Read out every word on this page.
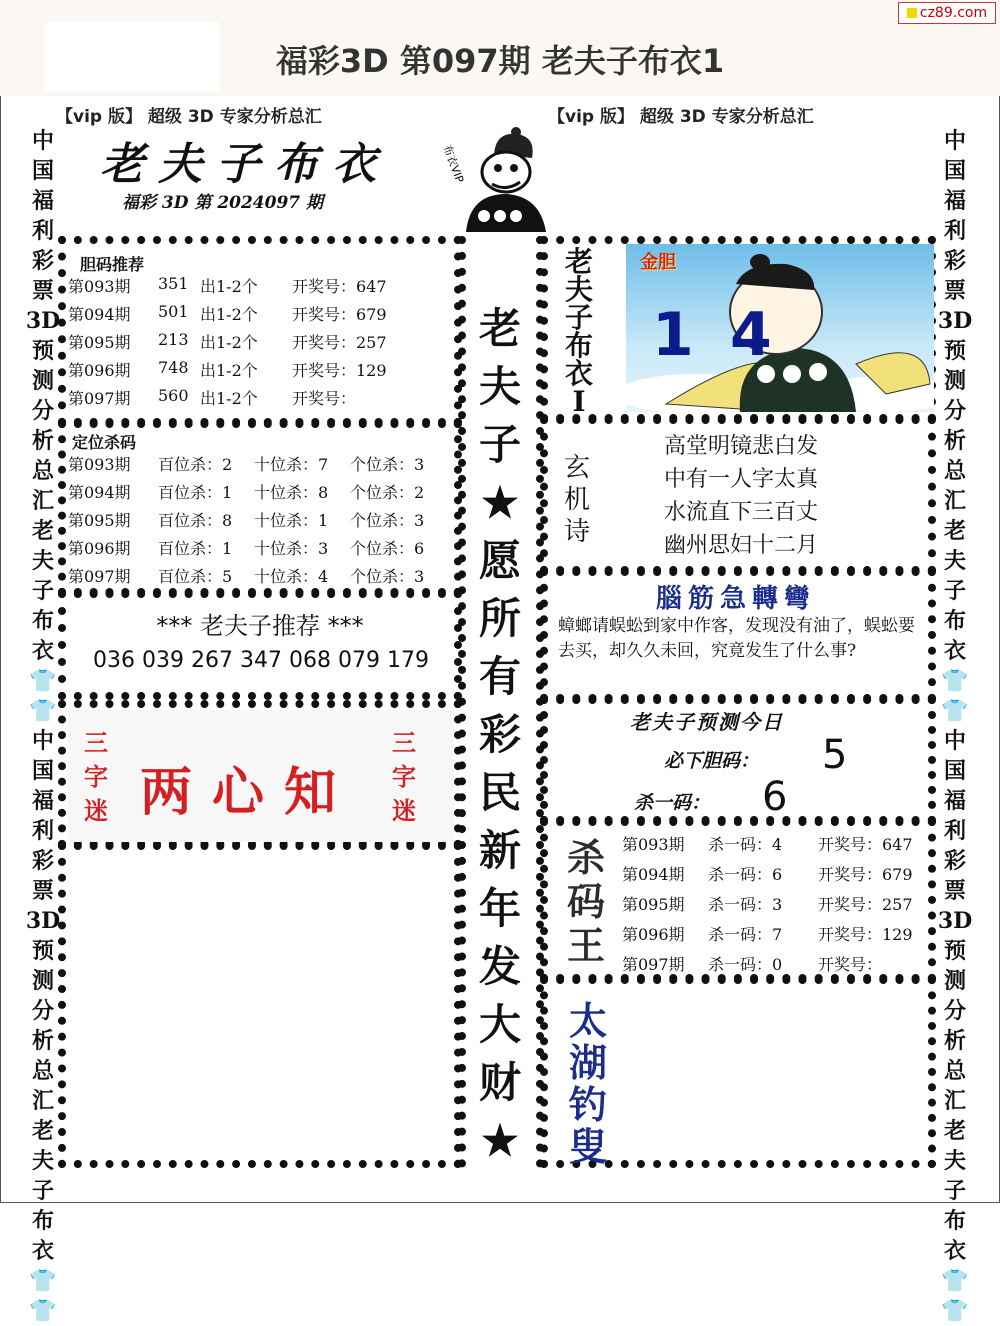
福彩3D 第097期 老夫子布衣1
cz89.com
【vip 版】 超级 3D 专家分析总汇	【vip 版】 超级 3D 专家分析总汇
中
国
福
利
彩
票
3D
预
测
分
析
总
汇
老
夫
子
布
衣
👕
👕
中
国
福
利
彩
票
3D
预
测
分
析
总
汇
老
夫
子
布
衣
👕
👕
中
国
福
利
彩
票
3D
预
测
分
析
总
汇
老
夫
子
布
衣
👕
👕
中
国
福
利
彩
票
3D
预
测
分
析
总
汇
老
夫
子
布
衣
👕
👕
老夫子布衣
福彩 3D 第 2024097 期
布衣VIP
胆码推荐
第093期 351 出1-2个 开奖号：647
第094期 501 出1-2个 开奖号：679
第095期 213 出1-2个 开奖号：257
第096期 748 出1-2个 开奖号：129
第097期 560 出1-2个 开奖号：
定位杀码
第093期 百位杀：2 十位杀：7 个位杀：3
第094期 百位杀：1 十位杀：8 个位杀：2
第095期 百位杀：8 十位杀：1 个位杀：3
第096期 百位杀：1 十位杀：3 个位杀：6
第097期 百位杀：5 十位杀：4 个位杀：3
*** 老夫子推荐 ***
036 039 267 347 068 079 179
三
字
迷
三
字
迷
两心知
老
夫
子
★
愿
所
有
彩
民
新
年
发
大
财
★
老
夫
子
布
衣
I
金胆
1 4
玄
机
诗
高堂明镜悲白发
中有一人字太真
水流直下三百丈
幽州思妇十二月
腦筋急轉彎
蟑螂请蜈蚣到家中作客，发现没有油了，蜈蚣要去买，却久久未回，究竟发生了什么事?
老夫子预测今日
必下胆码： 5
杀一码： 6
杀
码
王
第093期 杀一码：4 开奖号：647
第094期 杀一码：6 开奖号：679
第095期 杀一码：3 开奖号：257
第096期 杀一码：7 开奖号：129
第097期 杀一码：0 开奖号：
太
湖
钓
叟
